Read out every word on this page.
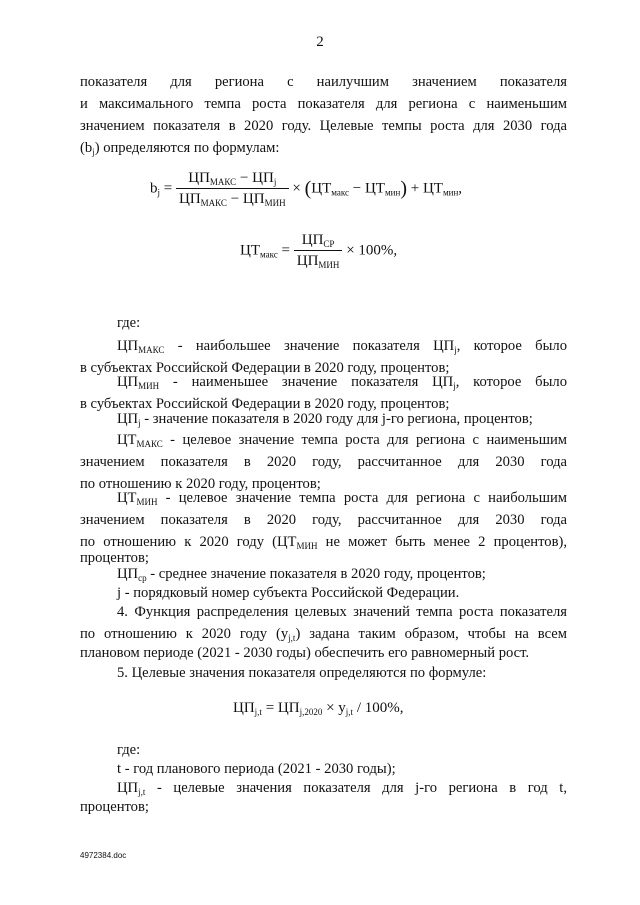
2
показателя для региона с наилучшим значением показателя
и максимального темпа роста показателя для региона с наименьшим
значением показателя в 2020 году. Целевые темпы роста для 2030 года
$(b_j)$ определяются по формулам:
$b_j = \frac{ЦП_{МАКС} - ЦП_j}{ЦП_{МАКС} - ЦП_{МИН}} \times (ЦТ_{макс} - ЦТ_{мин}) + ЦТ_{мин}$,
$ЦТ_{макс} = \frac{ЦП_{СР}}{ЦП_{МИН}} \times 100\%$,
где:
$ЦП_{МАКС}$ - наибольшее значение показателя $ЦП_j$, которое было
в субъектах Российской Федерации в 2020 году, процентов;
$ЦП_{МИН}$ - наименьшее значение показателя $ЦП_j$, которое было
в субъектах Российской Федерации в 2020 году, процентов;
$ЦП_j$ - значение показателя в 2020 году для j-го региона, процентов;
$ЦТ_{МАКС}$ - целевое значение темпа роста для региона с наименьшим
значением показателя в 2020 году, рассчитанное для 2030 года
по отношению к 2020 году, процентов;
$ЦТ_{МИН}$ - целевое значение темпа роста для региона с наибольшим
значением показателя в 2020 году, рассчитанное для 2030 года
по отношению к 2020 году ($ЦТ_{МИН}$ не может быть менее 2 процентов),
процентов;
$ЦП_{ср}$ - среднее значение показателя в 2020 году, процентов;
j - порядковый номер субъекта Российской Федерации.
4. Функция распределения целевых значений темпа роста показателя
по отношению к 2020 году $(y_{j,t})$ задана таким образом, чтобы на всем
плановом периоде (2021 - 2030 годы) обеспечить его равномерный рост.
5. Целевые значения показателя определяются по формуле:
$ЦП_{j,t} = ЦП_{j,2020} \times y_{j,t} / 100\%$,
где:
t - год планового периода (2021 - 2030 годы);
$ЦП_{j,t}$ - целевые значения показателя для j-го региона в год t,
процентов;
4972384.doc
